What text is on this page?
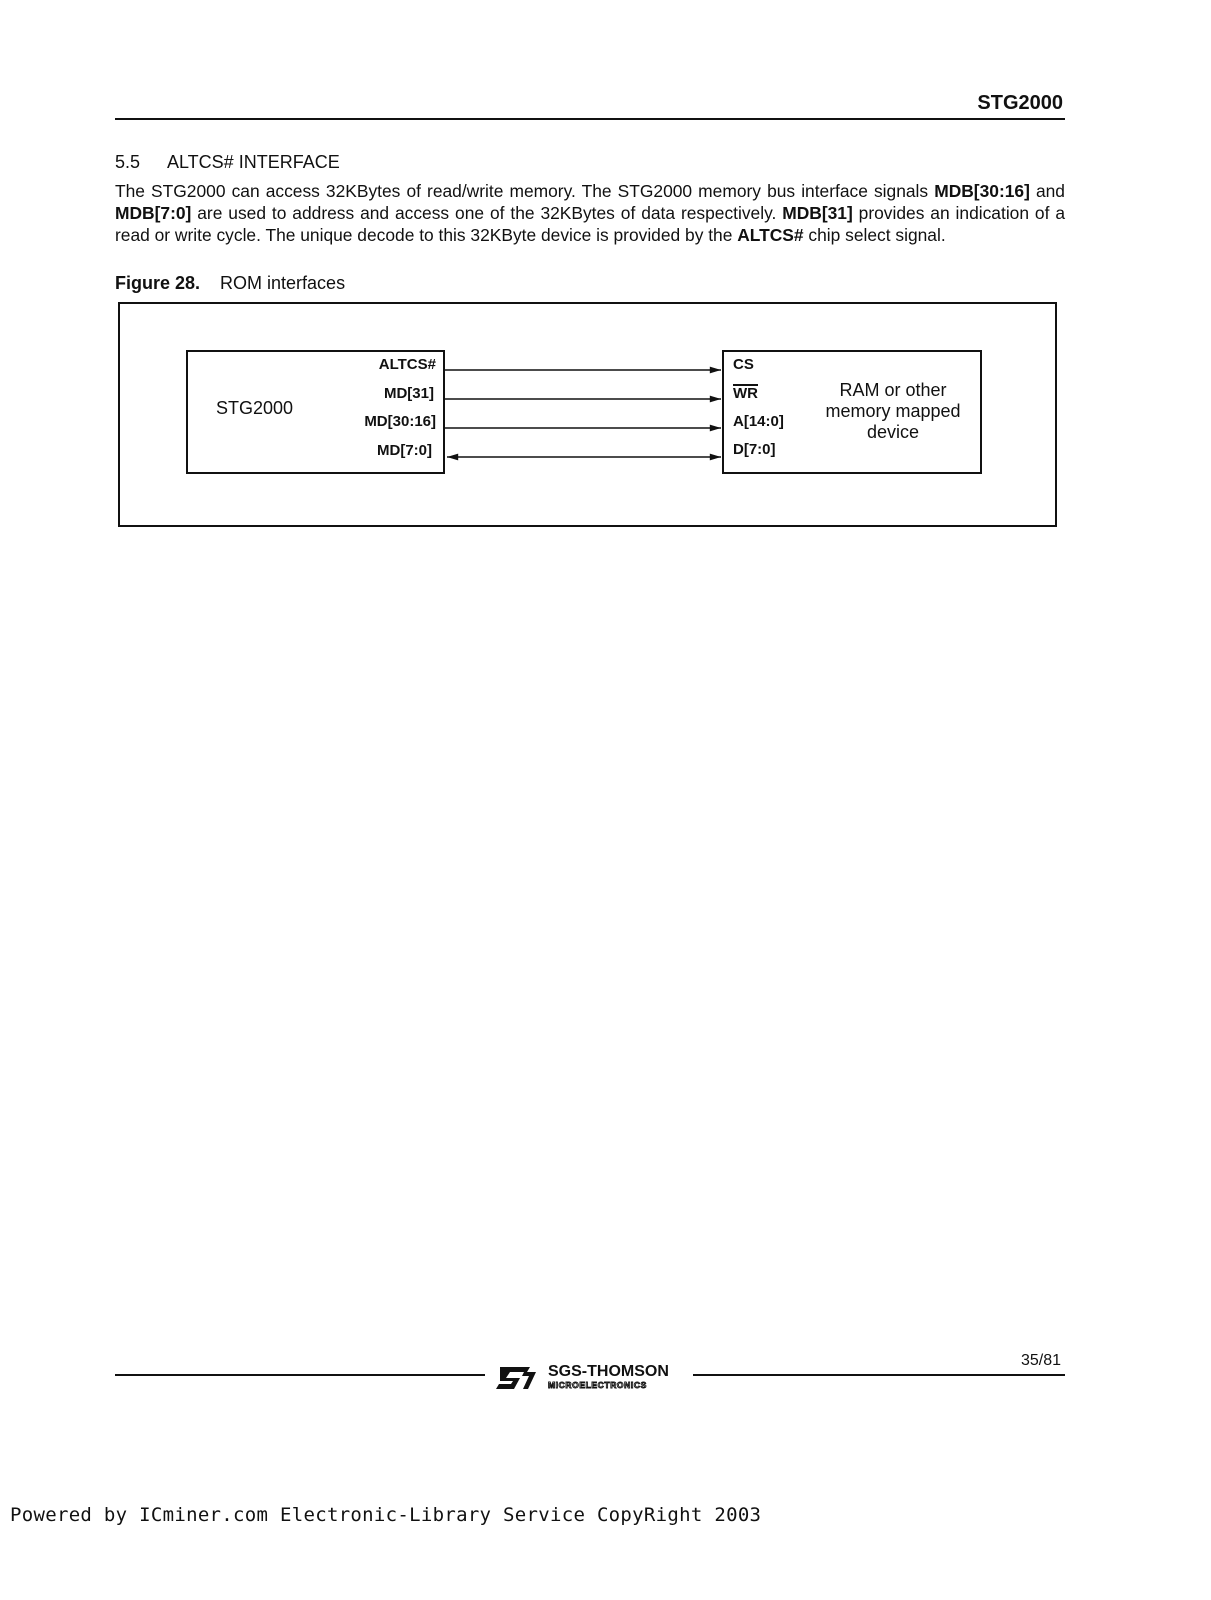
STG2000
5.5 ALTCS# INTERFACE
The STG2000 can access 32KBytes of read/write memory. The STG2000 memory bus interface signals MDB[30:16] and MDB[7:0] are used to address and access one of the 32KBytes of data respectively. MDB[31] provides an indication of a read or write cycle. The unique decode to this 32KByte device is provided by the ALTCS# chip select signal.
Figure 28. ROM interfaces
STG2000
ALTCS#
MD[31]
MD[30:16]
MD[7:0]
CS
WR
A[14:0]
D[7:0]
RAM or other
memory mapped
device
SGS-THOMSON
MICROELECTRONICS
35/81
Powered by ICminer.com Electronic-Library Service CopyRight 2003
